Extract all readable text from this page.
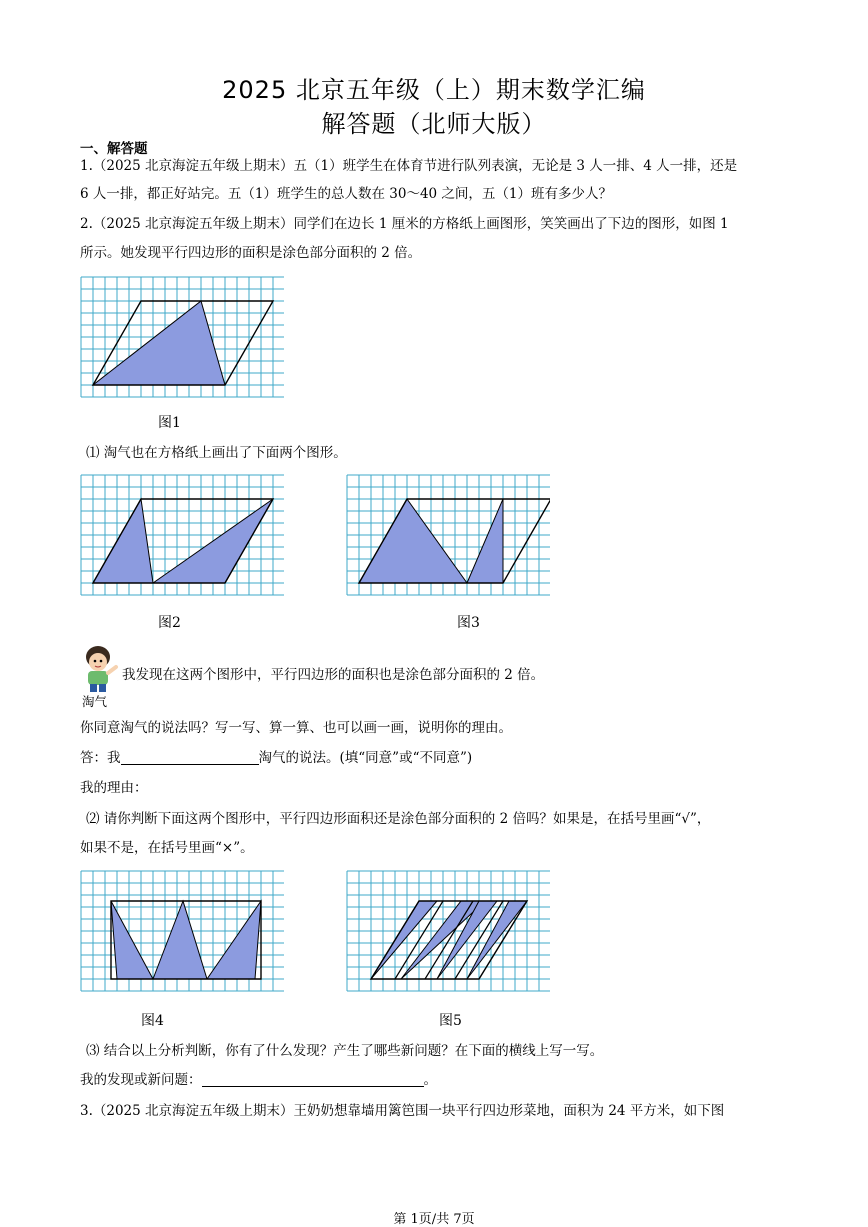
2025 北京五年级（上）期末数学汇编
解答题（北师大版）
一、解答题
1.（2025 北京海淀五年级上期末）五（1）班学生在体育节进行队列表演，无论是 3 人一排、4 人一排，还是
6 人一排，都正好站完。五（1）班学生的总人数在 30～40 之间，五（1）班有多少人？
2.（2025 北京海淀五年级上期末）同学们在边长 1 厘米的方格纸上画图形，笑笑画出了下边的图形，如图 1
所示。她发现平行四边形的面积是涂色部分面积的 2 倍。
图1
⑴ 淘气也在方格纸上画出了下面两个图形。
图2	图3
我发现在这两个图形中，平行四边形的面积也是涂色部分面积的 2 倍。
淘气
你同意淘气的说法吗？写一写、算一算、也可以画一画，说明你的理由。
答：我	淘气的说法。(填“同意”或“不同意”)
我的理由：
⑵ 请你判断下面这两个图形中，平行四边形面积还是涂色部分面积的 2 倍吗？如果是，在括号里画“√”，
如果不是，在括号里画“×”。
图4	图5
⑶ 结合以上分析判断，你有了什么发现？产生了哪些新问题？在下面的横线上写一写。
我的发现或新问题：	。
3.（2025 北京海淀五年级上期末）王奶奶想靠墙用篱笆围一块平行四边形菜地，面积为 24 平方米，如下图
第 1页/共 7页
